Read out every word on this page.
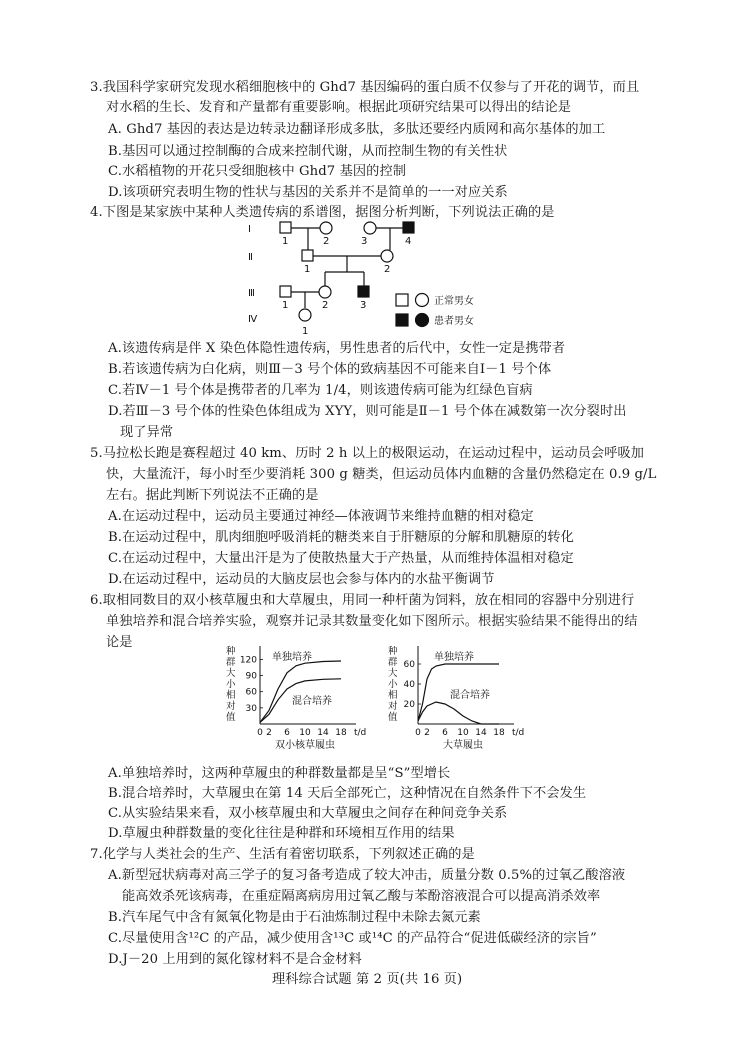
3.我国科学家研究发现水稻细胞核中的 Ghd7 基因编码的蛋白质不仅参与了开花的调节，而且
对水稻的生长、发育和产量都有重要影响。根据此项研究结果可以得出的结论是
A. Ghd7 基因的表达是边转录边翻译形成多肽，多肽还要经内质网和高尔基体的加工
B.基因可以通过控制酶的合成来控制代谢，从而控制生物的有关性状
C.水稻植物的开花只受细胞核中 Ghd7 基因的控制
D.该项研究表明生物的性状与基因的关系并不是简单的一一对应关系
4.下图是某家族中某种人类遗传病的系谱图，据图分析判断，下列说法正确的是
Ⅰ
Ⅱ
Ⅲ
Ⅳ
1	2	3	4
1	2
1	2	3
1
正常男女
患者男女
A.该遗传病是伴 X 染色体隐性遗传病，男性患者的后代中，女性一定是携带者
B.若该遗传病为白化病，则Ⅲ－3 号个体的致病基因不可能来自Ⅰ－1 号个体
C.若Ⅳ－1 号个体是携带者的几率为 1/4，则该遗传病可能为红绿色盲病
D.若Ⅲ－3 号个体的性染色体组成为 XYY，则可能是Ⅱ－1 号个体在减数第一次分裂时出
现了异常
5.马拉松长跑是赛程超过 40 km、历时 2 h 以上的极限运动，在运动过程中，运动员会呼吸加
快，大量流汗，每小时至少要消耗 300 g 糖类，但运动员体内血糖的含量仍然稳定在 0.9 g/L
左右。据此判断下列说法不正确的是
A.在运动过程中，运动员主要通过神经—体液调节来维持血糖的相对稳定
B.在运动过程中，肌肉细胞呼吸消耗的糖类来自于肝糖原的分解和肌糖原的转化
C.在运动过程中，大量出汗是为了使散热量大于产热量，从而维持体温相对稳定
D.在运动过程中，运动员的大脑皮层也会参与体内的水盐平衡调节
6.取相同数目的双小核草履虫和大草履虫，用同一种杆菌为饲料，放在相同的容器中分别进行
单独培养和混合培养实验，观察并记录其数量变化如下图所示。根据实验结果不能得出的结
论是
种
群
大
小
相
对
值
30
60
90
120
0 2 6 10 14 18 t/d
双小核草履虫
单独培养
混合培养
种
群
大
小
相
对
值
20
40
60
0 2 6 10 14 18 t/d
大草履虫
单独培养
混合培养
A.单独培养时，这两种草履虫的种群数量都是呈“S”型增长
B.混合培养时，大草履虫在第 14 天后全部死亡，这种情况在自然条件下不会发生
C.从实验结果来看，双小核草履虫和大草履虫之间存在种间竞争关系
D.草履虫种群数量的变化往往是种群和环境相互作用的结果
7.化学与人类社会的生产、生活有着密切联系，下列叙述正确的是
A.新型冠状病毒对高三学子的复习备考造成了较大冲击，质量分数 0.5%的过氧乙酸溶液
能高效杀死该病毒，在重症隔离病房用过氧乙酸与苯酚溶液混合可以提高消杀效率
B.汽车尾气中含有氮氧化物是由于石油炼制过程中未除去氮元素
C.尽量使用含¹²C 的产品，减少使用含¹³C 或¹⁴C 的产品符合“促进低碳经济的宗旨”
D.J－20 上用到的氮化镓材料不是合金材料
理科综合试题 第 2 页(共 16 页)
